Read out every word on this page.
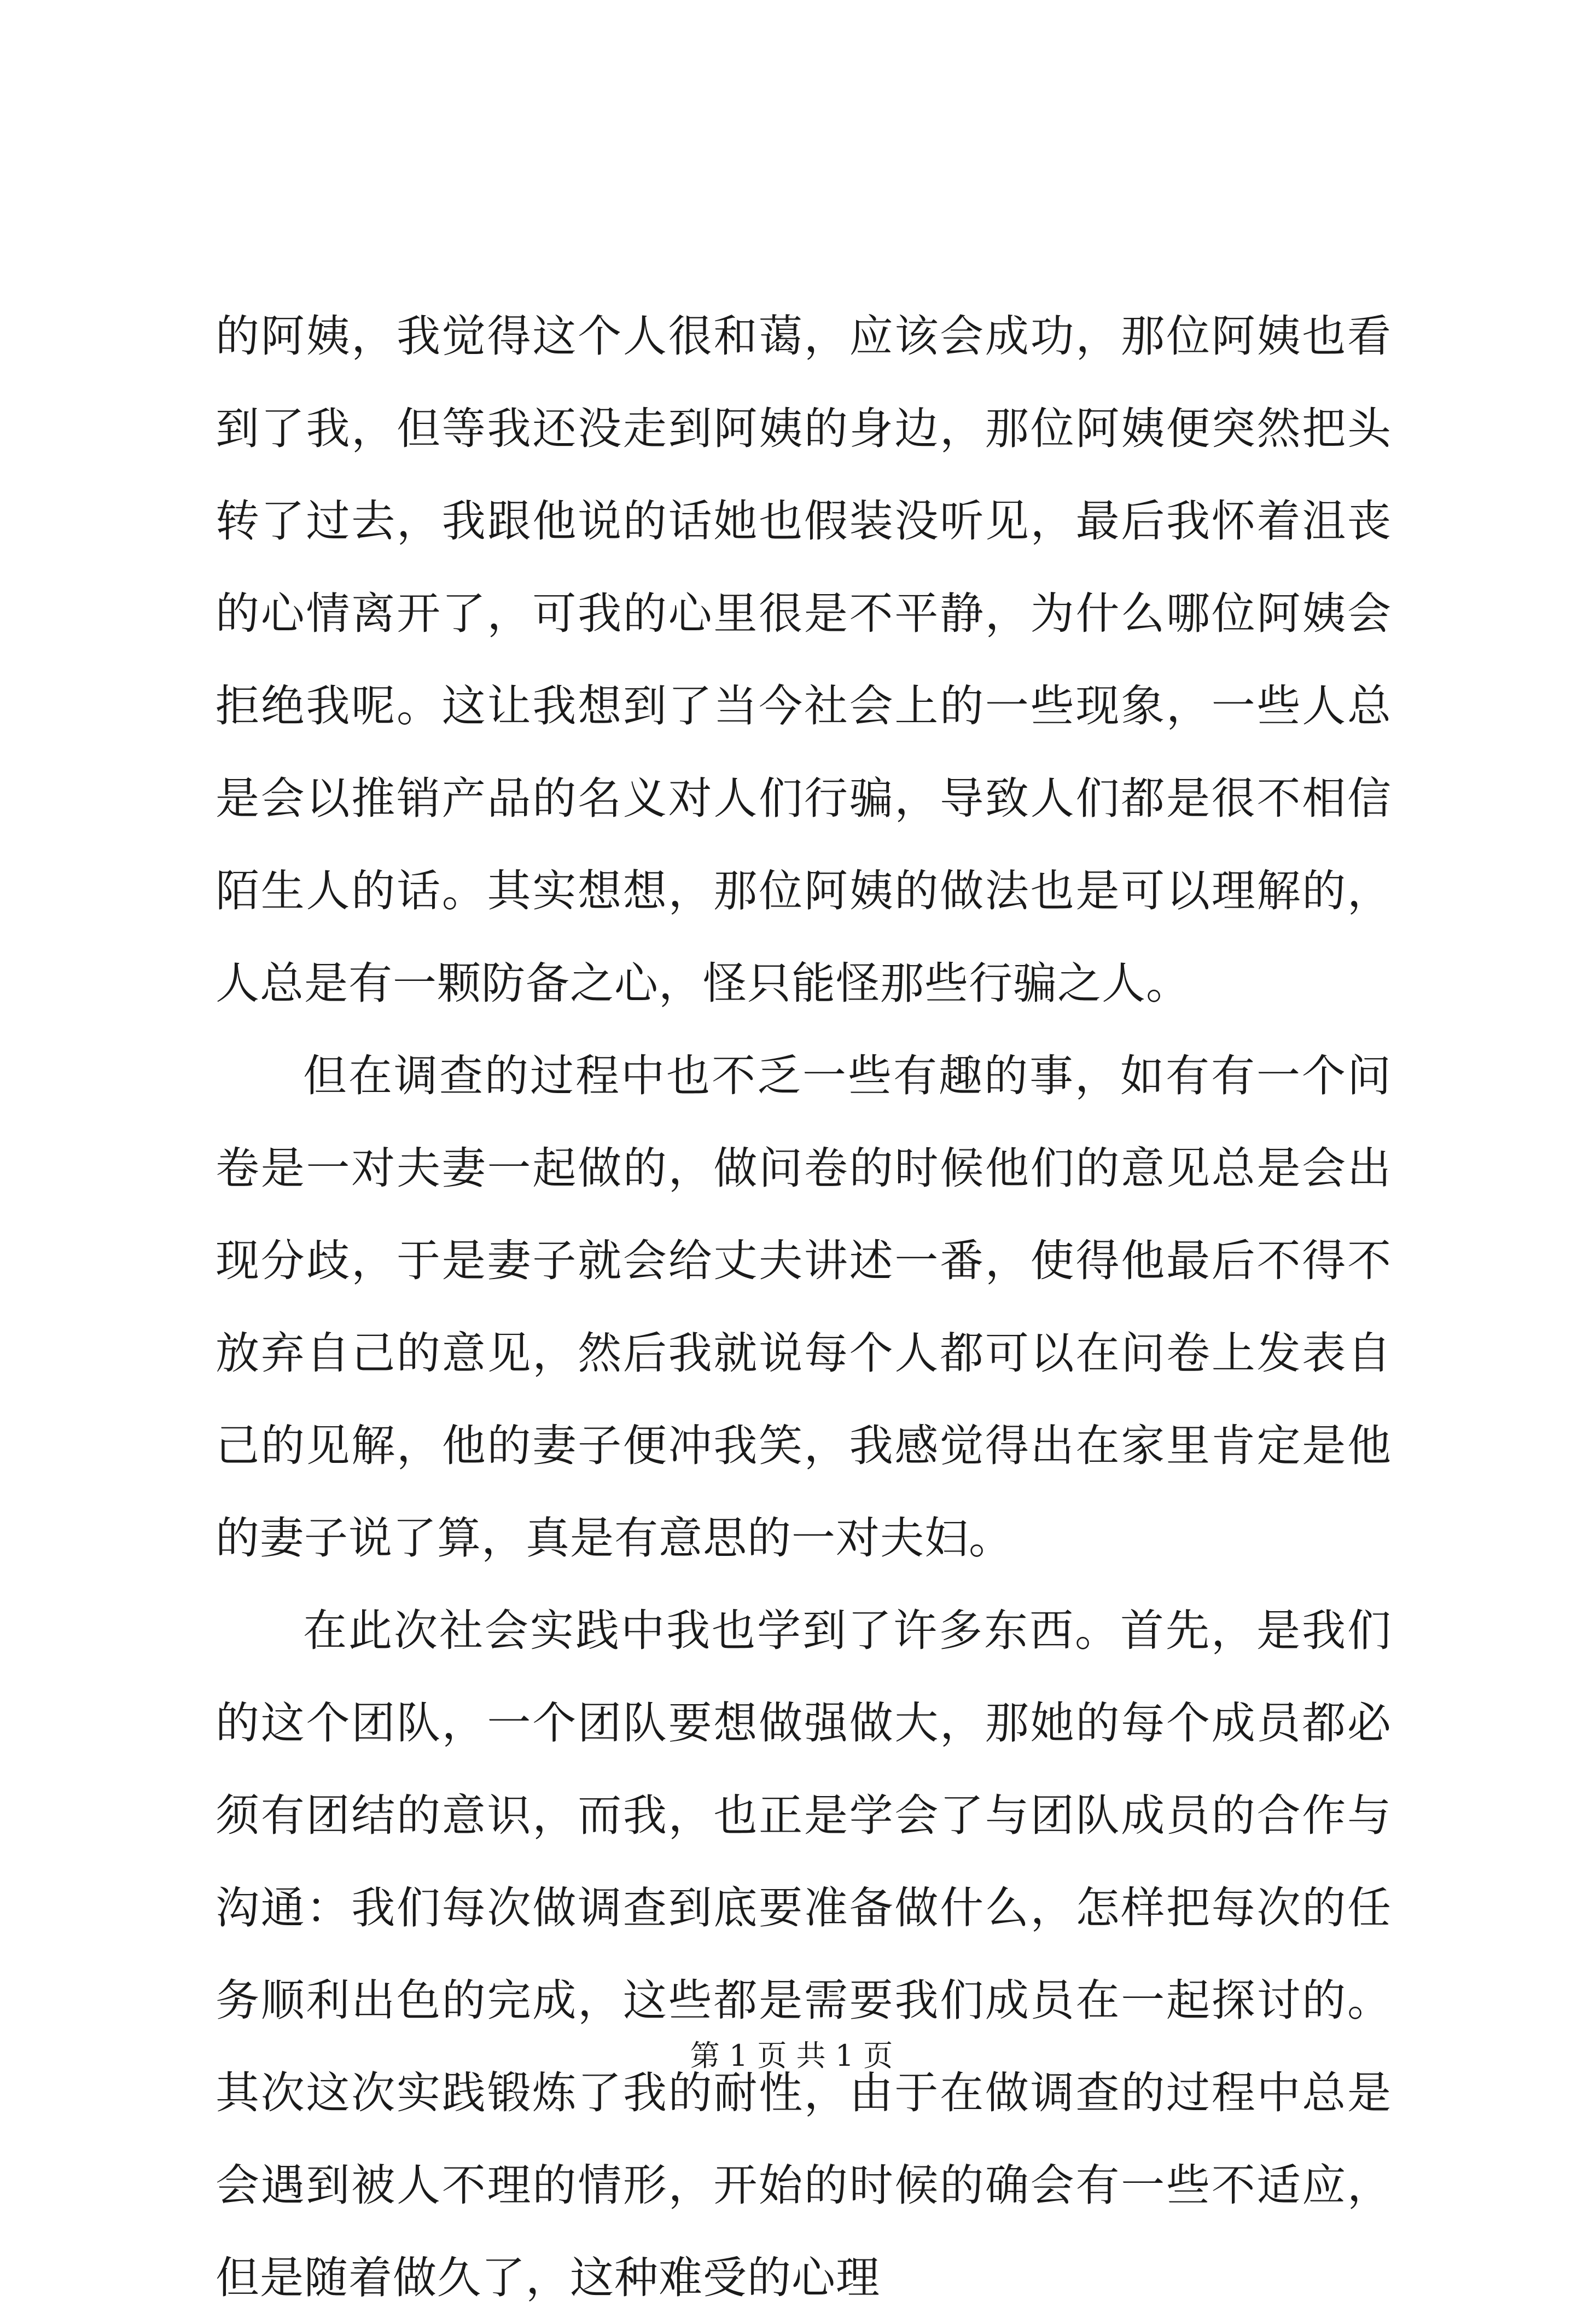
的阿姨，我觉得这个人很和蔼，应该会成功，那位阿姨也看到了我，但等我还没走到阿姨的身边，那位阿姨便突然把头转了过去，我跟他说的话她也假装没听见，最后我怀着沮丧的心情离开了，可我的心里很是不平静，为什么哪位阿姨会拒绝我呢。这让我想到了当今社会上的一些现象，一些人总是会以推销产品的名义对人们行骗，导致人们都是很不相信陌生人的话。其实想想，那位阿姨的做法也是可以理解的，人总是有一颗防备之心，怪只能怪那些行骗之人。

但在调查的过程中也不乏一些有趣的事，如有有一个问卷是一对夫妻一起做的，做问卷的时候他们的意见总是会出现分歧，于是妻子就会给丈夫讲述一番，使得他最后不得不放弃自己的意见，然后我就说每个人都可以在问卷上发表自己的见解，他的妻子便冲我笑，我感觉得出在家里肯定是他的妻子说了算，真是有意思的一对夫妇。

在此次社会实践中我也学到了许多东西。首先，是我们的这个团队，一个团队要想做强做大，那她的每个成员都必须有团结的意识，而我，也正是学会了与团队成员的合作与沟通：我们每次做调查到底要准备做什么，怎样把每次的任务顺利出色的完成，这些都是需要我们成员在一起探讨的。其次这次实践锻炼了我的耐性，由于在做调查的过程中总是会遇到被人不理的情形，开始的时候的确会有一些不适应，但是随着做久了，这种难受的心理

第 1 页 共 1 页
